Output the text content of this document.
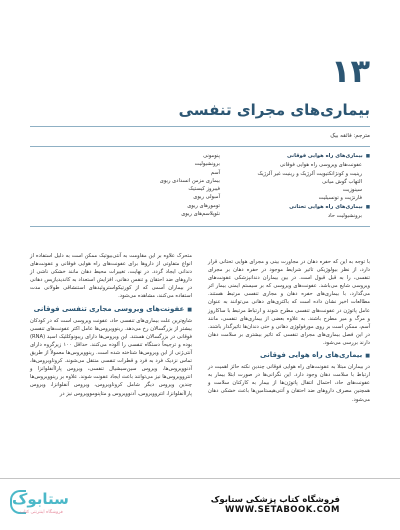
۱۳
بیماری‌های مجرای تنفسی
مترجم: فائقه بیک
■ بیماری‌های راه هوایی فوقانی
عفونت‌های ویروسی راه هوایی فوقانی
رینیت و کونژانکتیویت آلرژیک و رینیت غیر آلرژیک
التهاب گوش میانی
سینوزیت
فارنژیت و تونسیلیت
■ بیماری‌های راه هوایی تحتانی
برونشیولیت حاد
پنومونی
برونشیولیت
آسم
بیماری مزمن انسدادی ریوی
فیبروز کیستیک
آمبولی ریوی
تومورهای ریوی
نئوپلاسم‌های ریوی

با توجه به این که حفره دهان در مجاورت بینی و مجرای هوایی تحتانی قرار دارد، از نظر بیولوژیکی تاثیر شرایط موجود در حفره دهان بر مجرای تنفسی، را به قبل قبول است. در بین بیماران دندانپزشکی عفونت‌های ویروسی شایع می‌باشد. عفونت‌های ویروسی که بر سیستم ایمنی بیمار اثر می‌گذارد، با بیماری‌های حفره دهان و مجاری تنفسی مرتبط هستند. مطالعات اخیر نشان داده است که باکتری‌های دهانی می‌توانند به عنوان عامل پاتوژن در عفونت‌های تنفسی مطرح شوند و ارتباط مرتبط با ساکاروز و مرگ و میر مطرح باشند. به علاوه بعضی از بیماری‌های تنفسی، مانند آسم، ممکن است بر روی مورفولوژی دهانی و حتی دندان‌ها تاثیرگذار باشند. در این فصل بیماری‌های مجرای تنفسی که تاثیر بیشتری بر سلامت دهان دارند بررسی می‌شود.

■ بیماری‌های راه هوایی فوقانی

در بیماران مبتلا به عفونت‌های راه هوایی فوقانی چندین نکته حائز اهمیت در ارتباط با سلامت دهان وجود دارد. این نگرانی‌ها در صورت ابتلا بیمار به عفونت‌های حاد، احتمال انتقال پاتوژن‌ها از بیمار به کارکنان سلامت و همچنین مصرف داروهای ضد احتقان و آنتی‌هیستامین‌ها باعث خشکی دهان می‌شود.

متحرک علاوه بر این مقاومت به آنتی‌بیوتیک ممکن است به دلیل استفاده از انواع متفاوتی از داروها برای عفونت‌های راه هوایی فوقانی و عفونت‌های دندانی ایجاد گردد. در نهایت، تغییرات محیط دهان مانند خشکی ناشی از داروهای ضد احتقان و تنفس دهانی، افزایش استعداد به کاندیدیازیس دهانی در بیماران آسمی که از کورتیکواستروئیدهای استنشاقی طولانی مدت استفاده می‌کنند، مشاهده می‌شود.

■ عفونت‌های ویروسی مجاری تنفسی فوقانی

شایع‌ترین علت بیماری‌های تنفسی حاد، عفونت ویروسی است که در کودکان بیشتر از بزرگسالان رخ می‌دهد. رینوویروس‌ها عامل اکثر عفونت‌های تنفسی فوقانی در بزرگسالان هستند. این ویروس‌ها دارای ریبونوکلئیک اسید (RNA) بوده و ترجیحاً دستگاه تنفسی را آلوده می‌کنند. حداقل ۱۰۰ زیرگروه دارای آنتی‌ژنی از این ویروس‌ها شناخته شده است. رینوویروس‌ها معمولاً از طریق تماس نزدیک فرد به فرد و قطرات تنفسی منتقل می‌شوند. کروناویروس‌ها، آدنوویروس‌ها، ویروس سین‌سیشیال تنفسی، ویروس پاراآنفلوانزا و انتروویروس‌ها نیز می‌توانند باعث ایجاد عفونت شوند. علاوه بر رینوویروس‌ها چندین ویروس دیگر شامل کروناویروس، ویروس آنفلوانزا، ویروس پاراآنفلوانزا، انتروویروس، آدنوویروس و متاپنوموویروس نیز در

ستابوک
فروشگاه اینترنتی کتاب
فروشگاه کتاب پزشکی ستابوک
WWW.SETABOOK.COM
